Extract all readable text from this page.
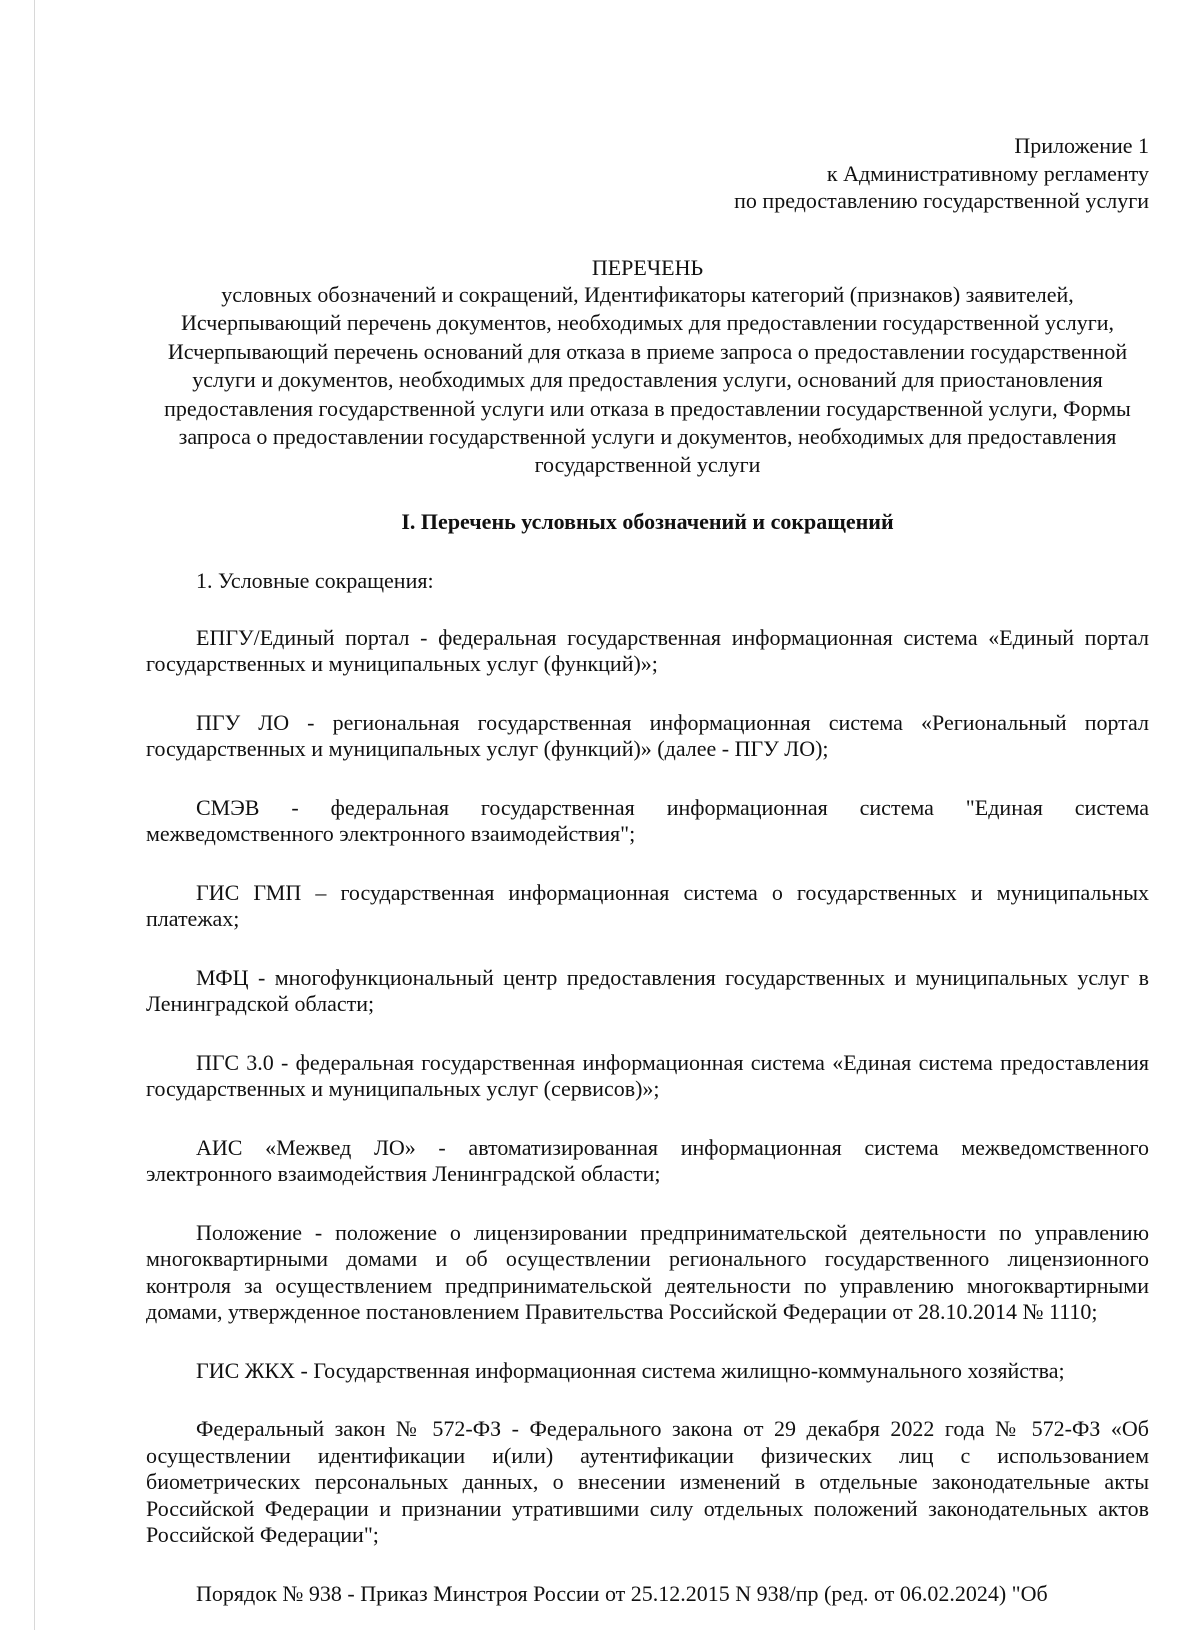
Приложение 1
к Административному регламенту
по предоставлению государственной услуги
ПЕРЕЧЕНЬ
условных обозначений и сокращений, Идентификаторы категорий (признаков) заявителей, Исчерпывающий перечень документов, необходимых для предоставлении государственной услуги, Исчерпывающий перечень оснований для отказа в приеме запроса о предоставлении государственной услуги и документов, необходимых для предоставления услуги, оснований для приостановления предоставления государственной услуги или отказа в предоставлении государственной услуги, Формы запроса о предоставлении государственной услуги и документов, необходимых для предоставления государственной услуги
I. Перечень условных обозначений и сокращений
1. Условные сокращения:

ЕПГУ/Единый портал - федеральная государственная информационная система «Единый портал государственных и муниципальных услуг (функций)»;

ПГУ ЛО - региональная государственная информационная система «Региональный портал государственных и муниципальных услуг (функций)» (далее - ПГУ ЛО);

СМЭВ - федеральная государственная информационная система "Единая система межведомственного электронного взаимодействия";

ГИС ГМП – государственная информационная система о государственных и муниципальных платежах;

МФЦ - многофункциональный центр предоставления государственных и муниципальных услуг в Ленинградской области;

ПГС 3.0 - федеральная государственная информационная система «Единая система предоставления государственных и муниципальных услуг (сервисов)»;

АИС «Межвед ЛО» - автоматизированная информационная система межведомственного электронного взаимодействия Ленинградской области;

Положение - положение о лицензировании предпринимательской деятельности по управлению многоквартирными домами и об осуществлении регионального государственного лицензионного контроля за осуществлением предпринимательской деятельности по управлению многоквартирными домами, утвержденное постановлением Правительства Российской Федерации от 28.10.2014 № 1110;

ГИС ЖКХ - Государственная информационная система жилищно-коммунального хозяйства;

Федеральный закон № 572-ФЗ - Федерального закона от 29 декабря 2022 года № 572-ФЗ «Об осуществлении идентификации и(или) аутентификации физических лиц с использованием биометрических персональных данных, о внесении изменений в отдельные законодательные акты Российской Федерации и признании утратившими силу отдельных положений законодательных актов Российской Федерации";

Порядок № 938 - Приказ Минстроя России от 25.12.2015 N 938/пр (ред. от 06.02.2024) "Об
